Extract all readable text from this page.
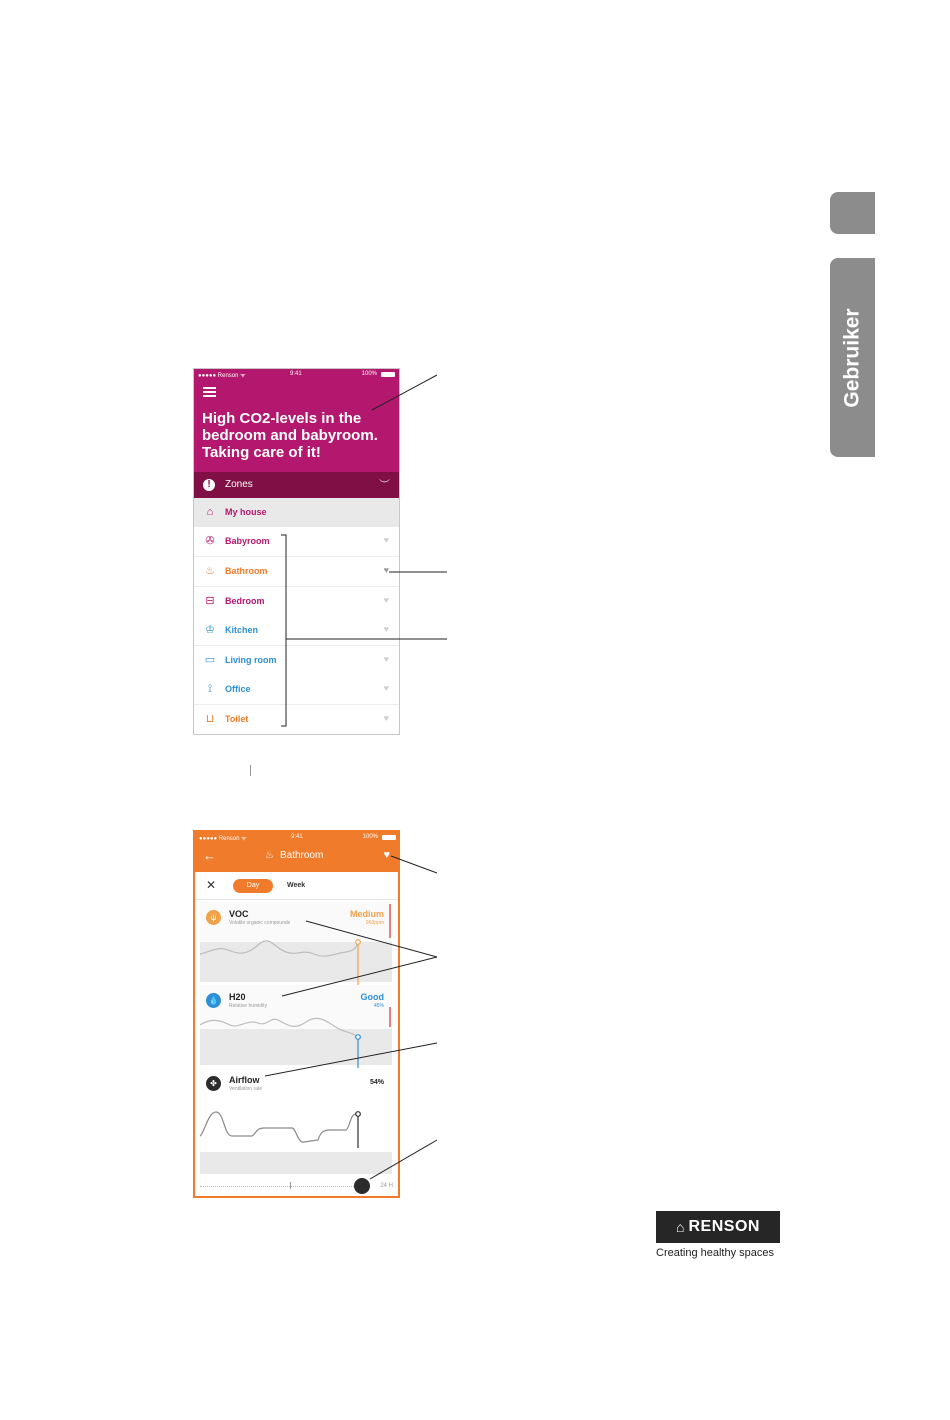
Gebruiker
●●●●● Renson ᯤ	9:41	100%
High CO2-levels in the bedroom and babyroom. Taking care of it!
!	Zones	︶
⌂	My house
✇ Babyroom	♥
♨ Bathroom	♥
⊟ Bedroom	♥
♔ Kitchen	♥
▭ Living room	♥
⟟	Office	♥
⊔	Toilet	♥
●●●●● Renson ᯤ	9:41	100%
←	♨ Bathroom	♥
✕	Day	Week
ψ	VOC
Volatile organic compounds
Medium
960ppm
💧 H20
Relative humidity
Good
45%
✤	Airflow
Ventilation rate
54%
24 H
⌂ RENSON
Creating healthy spaces
